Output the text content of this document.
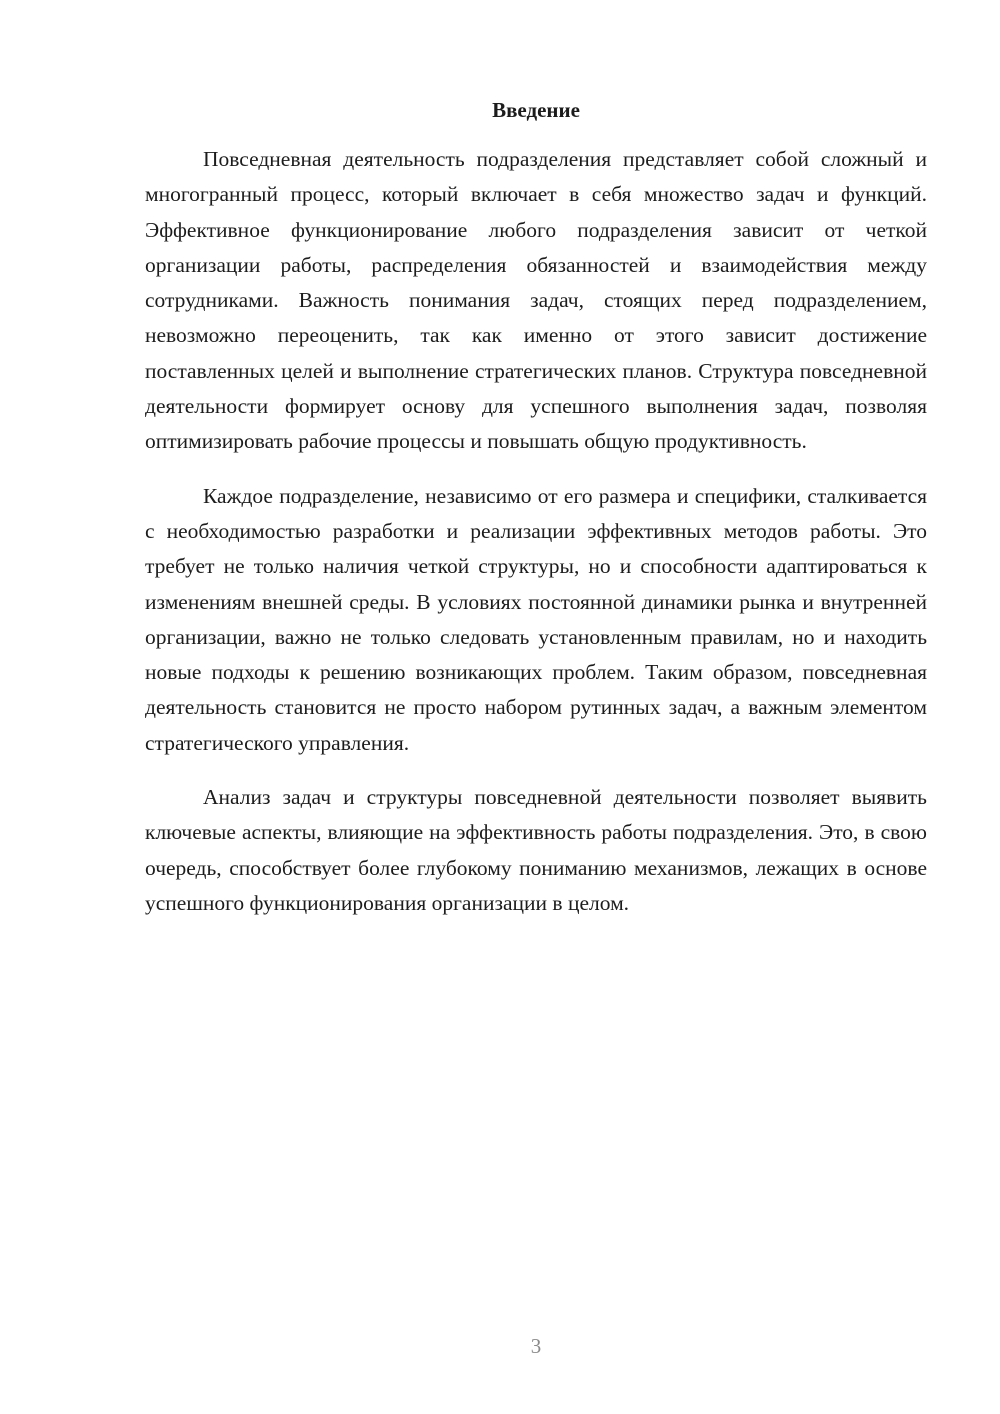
Введение

Повседневная деятельность подразделения представляет собой сложный и многогранный процесс, который включает в себя множество задач и функций. Эффективное функционирование любого подразделения зависит от четкой организации работы, распределения обязанностей и взаимодействия между сотрудниками. Важность понимания задач, стоящих перед подразделением, невозможно переоценить, так как именно от этого зависит достижение поставленных целей и выполнение стратегических планов. Структура повседневной деятельности формирует основу для успешного выполнения задач, позволяя оптимизировать рабочие процессы и повышать общую продуктивность.

Каждое подразделение, независимо от его размера и специфики, сталкивается с необходимостью разработки и реализации эффективных методов работы. Это требует не только наличия четкой структуры, но и способности адаптироваться к изменениям внешней среды. В условиях постоянной динамики рынка и внутренней организации, важно не только следовать установленным правилам, но и находить новые подходы к решению возникающих проблем. Таким образом, повседневная деятельность становится не просто набором рутинных задач, а важным элементом стратегического управления.

Анализ задач и структуры повседневной деятельности позволяет выявить ключевые аспекты, влияющие на эффективность работы подразделения. Это, в свою очередь, способствует более глубокому пониманию механизмов, лежащих в основе успешного функционирования организации в целом.

3
